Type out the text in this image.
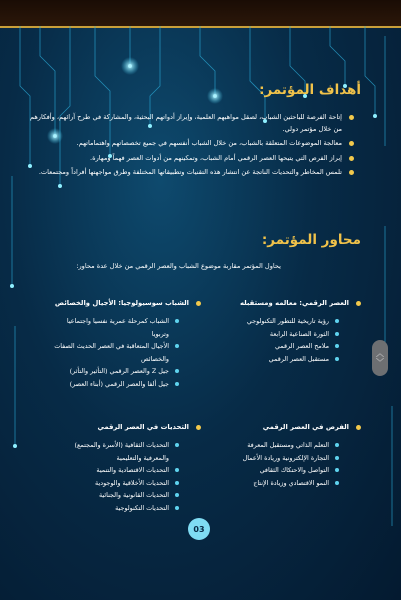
أهداف المؤتمر:
إتاحة الفرصة للباحثين الشباب، لصقل مواهبهم العلمية، وإبراز أدواتهم البحثية، والمشاركة في طرح آرائهم، وأفكارهم من خلال مؤتمر دولي.
معالجة الموضوعات المتعلقة بالشباب، من خلال الشباب أنفسهم في جميع تخصصاتهم واهتماماتهم.
إبراز الفرص التي يتيحها العصر الرقمي أمام الشباب، وتمكينهم من أدوات العصر فهماً ومهارة.
تلمس المخاطر والتحديات الناتجة عن انتشار هذه التقنيات وتطبيقاتها المختلفة وطرق مواجهتها أفراداً ومجتمعات.
محاور المؤتمر:
يحاول المؤتمر مقاربة موضوع الشباب والعصر الرقمي من خلال عدة محاور:
العصر الرقمي: معالمه ومستقبله
رؤية تاريخية للتطور التكنولوجي
الثورة الصناعية الرابعة
ملامح العصر الرقمي
مستقبل العصر الرقمي
الشباب سوسيولوجيا: الأجيال والخصائص
الشباب كمرحلة عمرية نفسيا واجتماعيا وتربويا
الأجيال المتعاقبة في العصر الحديث الصفات والخصائص
جيل Z والعصر الرقمي (التأثير والتأثر)
جيل ألفا والعصر الرقمي (أبناء العصر)
الفرص في العصر الرقمي
التعلم الذاتي ومستقبل المعرفة
التجارة الإلكترونية وريادة الأعمال
التواصل والاحتكاك الثقافي
النمو الاقتصادي وزيادة الإنتاج
التحديات في العصر الرقمي
التحديات الثقافية (الأسرة والمجتمع) والمعرفية والتعليمية
التحديات الاقتصادية والتنمية
التحديات الأخلاقية والوجودية
التحديات القانونية والجنائية
التحديات التكنولوجية
︿
﹀
03
